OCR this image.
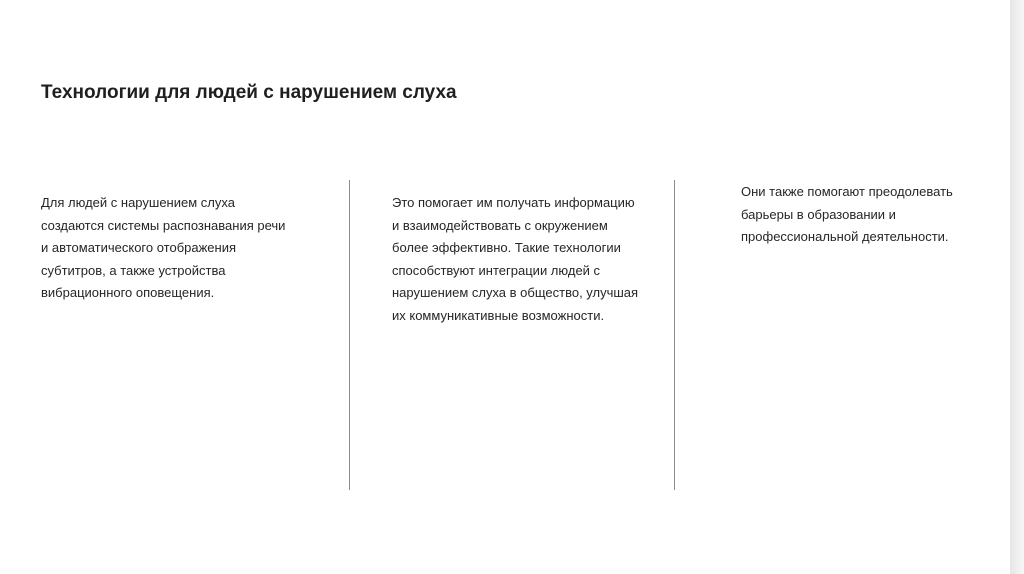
Технологии для людей с нарушением слуха
Для людей с нарушением слуха
создаются системы распознавания речи
и автоматического отображения
субтитров, а также устройства
вибрационного оповещения.
Это помогает им получать информацию
и взаимодействовать с окружением
более эффективно. Такие технологии
способствуют интеграции людей с
нарушением слуха в общество, улучшая
их коммуникативные возможности.
Они также помогают преодолевать
барьеры в образовании и
профессиональной деятельности.
